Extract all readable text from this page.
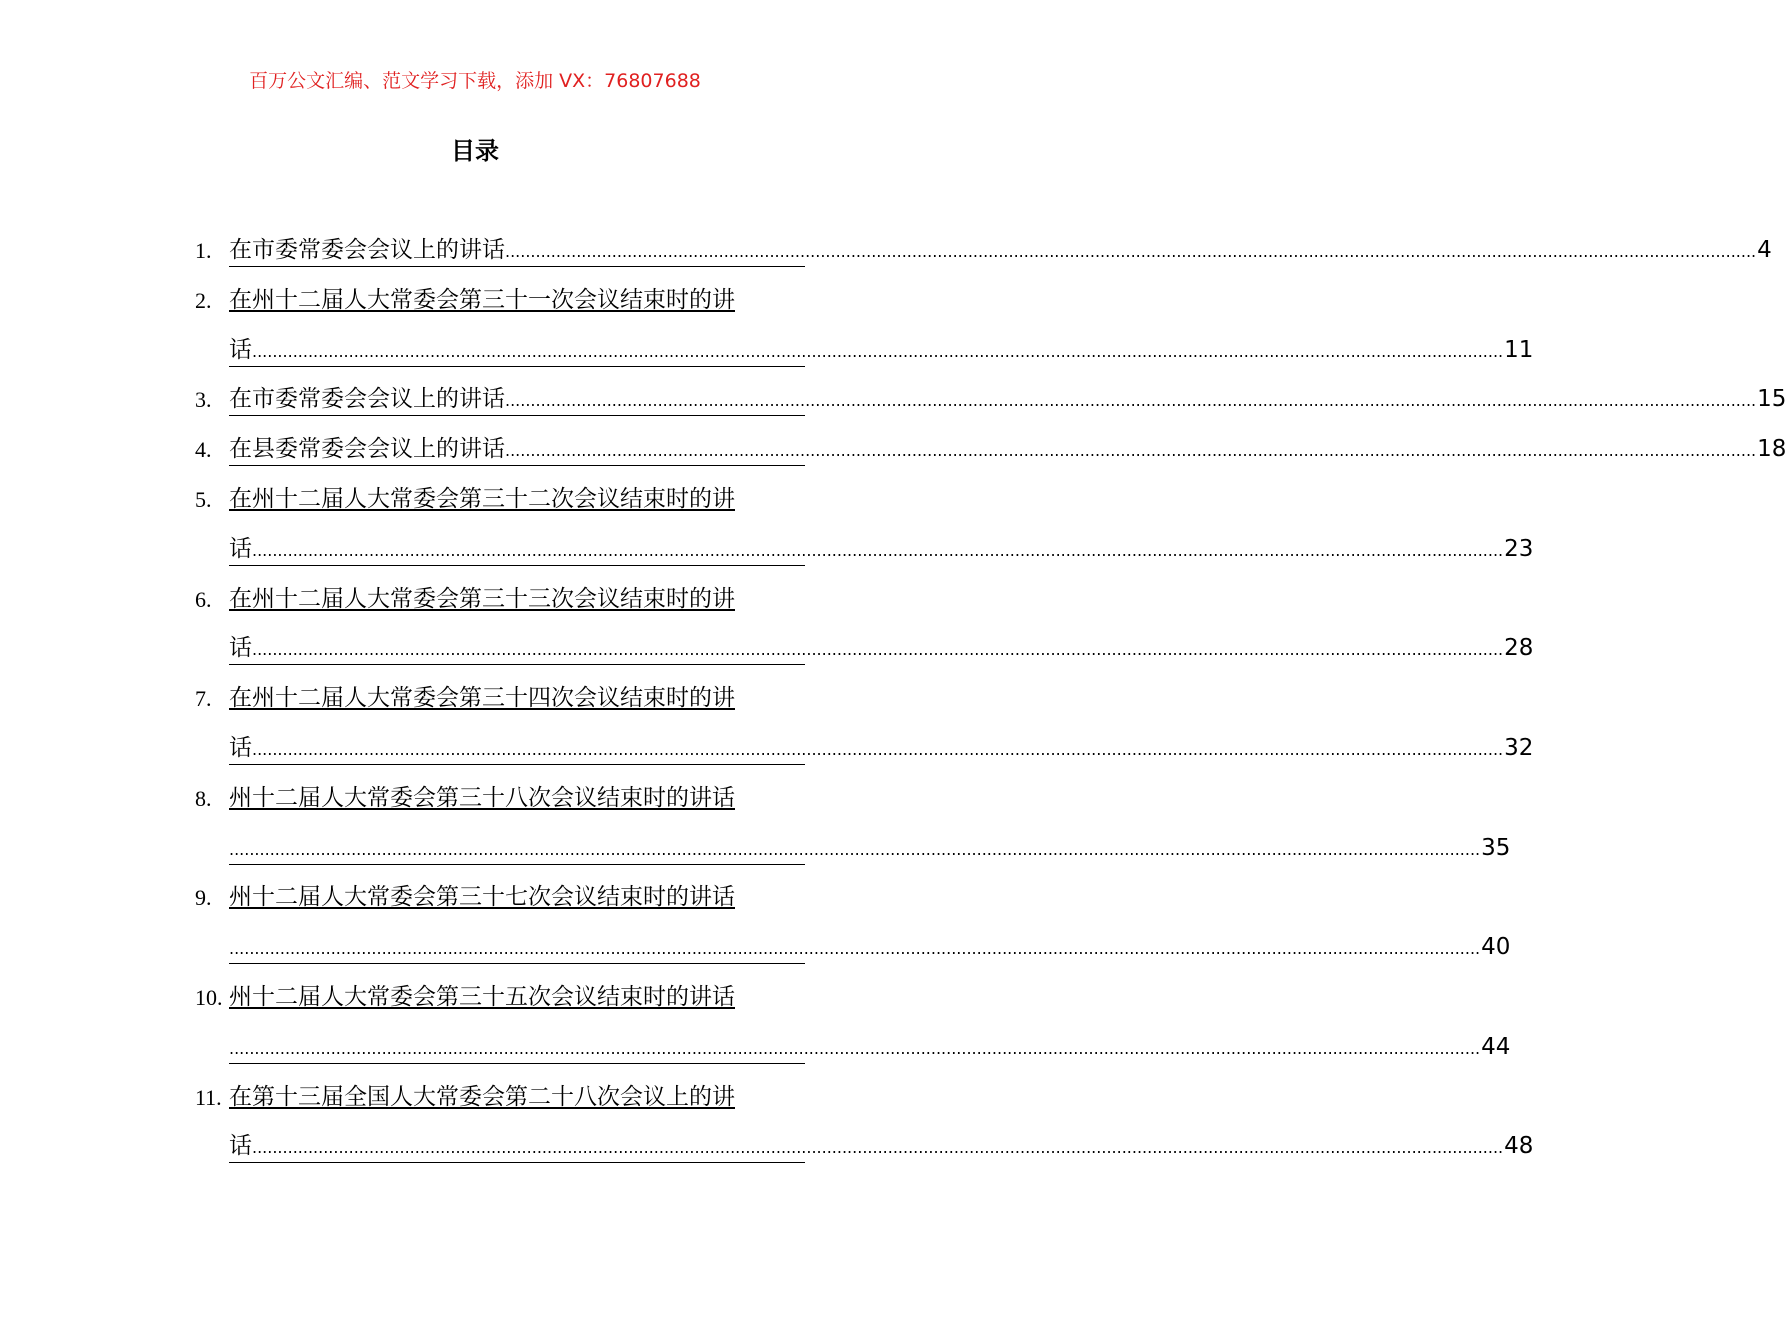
百万公文汇编、范文学习下载，添加 VX：76807688
目录
1. 在市委常委会会议上的讲话 ...................................................................................................................................................................................................................................................... 4
2. 在州十二届人大常委会第三十一次会议结束时的讲
话 ...................................................................................................................................................................................................................................................... 11
3. 在市委常委会会议上的讲话 ...................................................................................................................................................................................................................................................... 15
4. 在县委常委会会议上的讲话 ...................................................................................................................................................................................................................................................... 18
5. 在州十二届人大常委会第三十二次会议结束时的讲
话 ...................................................................................................................................................................................................................................................... 23
6. 在州十二届人大常委会第三十三次会议结束时的讲
话 ...................................................................................................................................................................................................................................................... 28
7. 在州十二届人大常委会第三十四次会议结束时的讲
话 ...................................................................................................................................................................................................................................................... 32
8. 州十二届人大常委会第三十八次会议结束时的讲话
...................................................................................................................................................................................................................................................... 35
9. 州十二届人大常委会第三十七次会议结束时的讲话
...................................................................................................................................................................................................................................................... 40
10. 州十二届人大常委会第三十五次会议结束时的讲话
...................................................................................................................................................................................................................................................... 44
11. 在第十三届全国人大常委会第二十八次会议上的讲
话 ...................................................................................................................................................................................................................................................... 48
